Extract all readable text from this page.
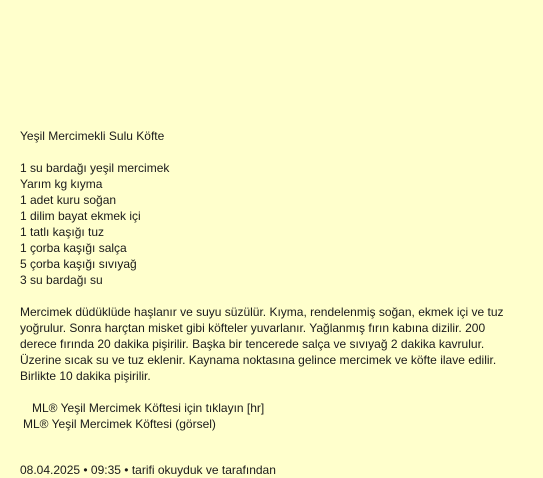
Yeşil Mercimekli Sulu Köfte
1 su bardağı yeşil mercimek
Yarım kg kıyma
1 adet kuru soğan
1 dilim bayat ekmek içi
1 tatlı kaşığı tuz
1 çorba kaşığı salça
5 çorba kaşığı sıvıyağ
3 su bardağı su
Mercimek düdüklüde haşlanır ve suyu süzülür. Kıyma, rendelenmiş soğan, ekmek içi ve tuz yoğrulur. Sonra harçtan misket gibi köfteler yuvarlanır. Yağlanmış fırın kabına dizilir. 200 derece fırında 20 dakika pişirilir. Başka bir tencerede salça ve sıvıyağ 2 dakika kavrulur. Üzerine sıcak su ve tuz eklenir. Kaynama noktasına gelince mercimek ve köfte ilave edilir. Birlikte 10 dakika pişirilir.
ML® Yeşil Mercimek Köftesi için tıklayın [hr]
ML® Yeşil Mercimek Köftesi (görsel)
08.04.2025 • 09:35 • tarifi okuyduk ve tarafından
